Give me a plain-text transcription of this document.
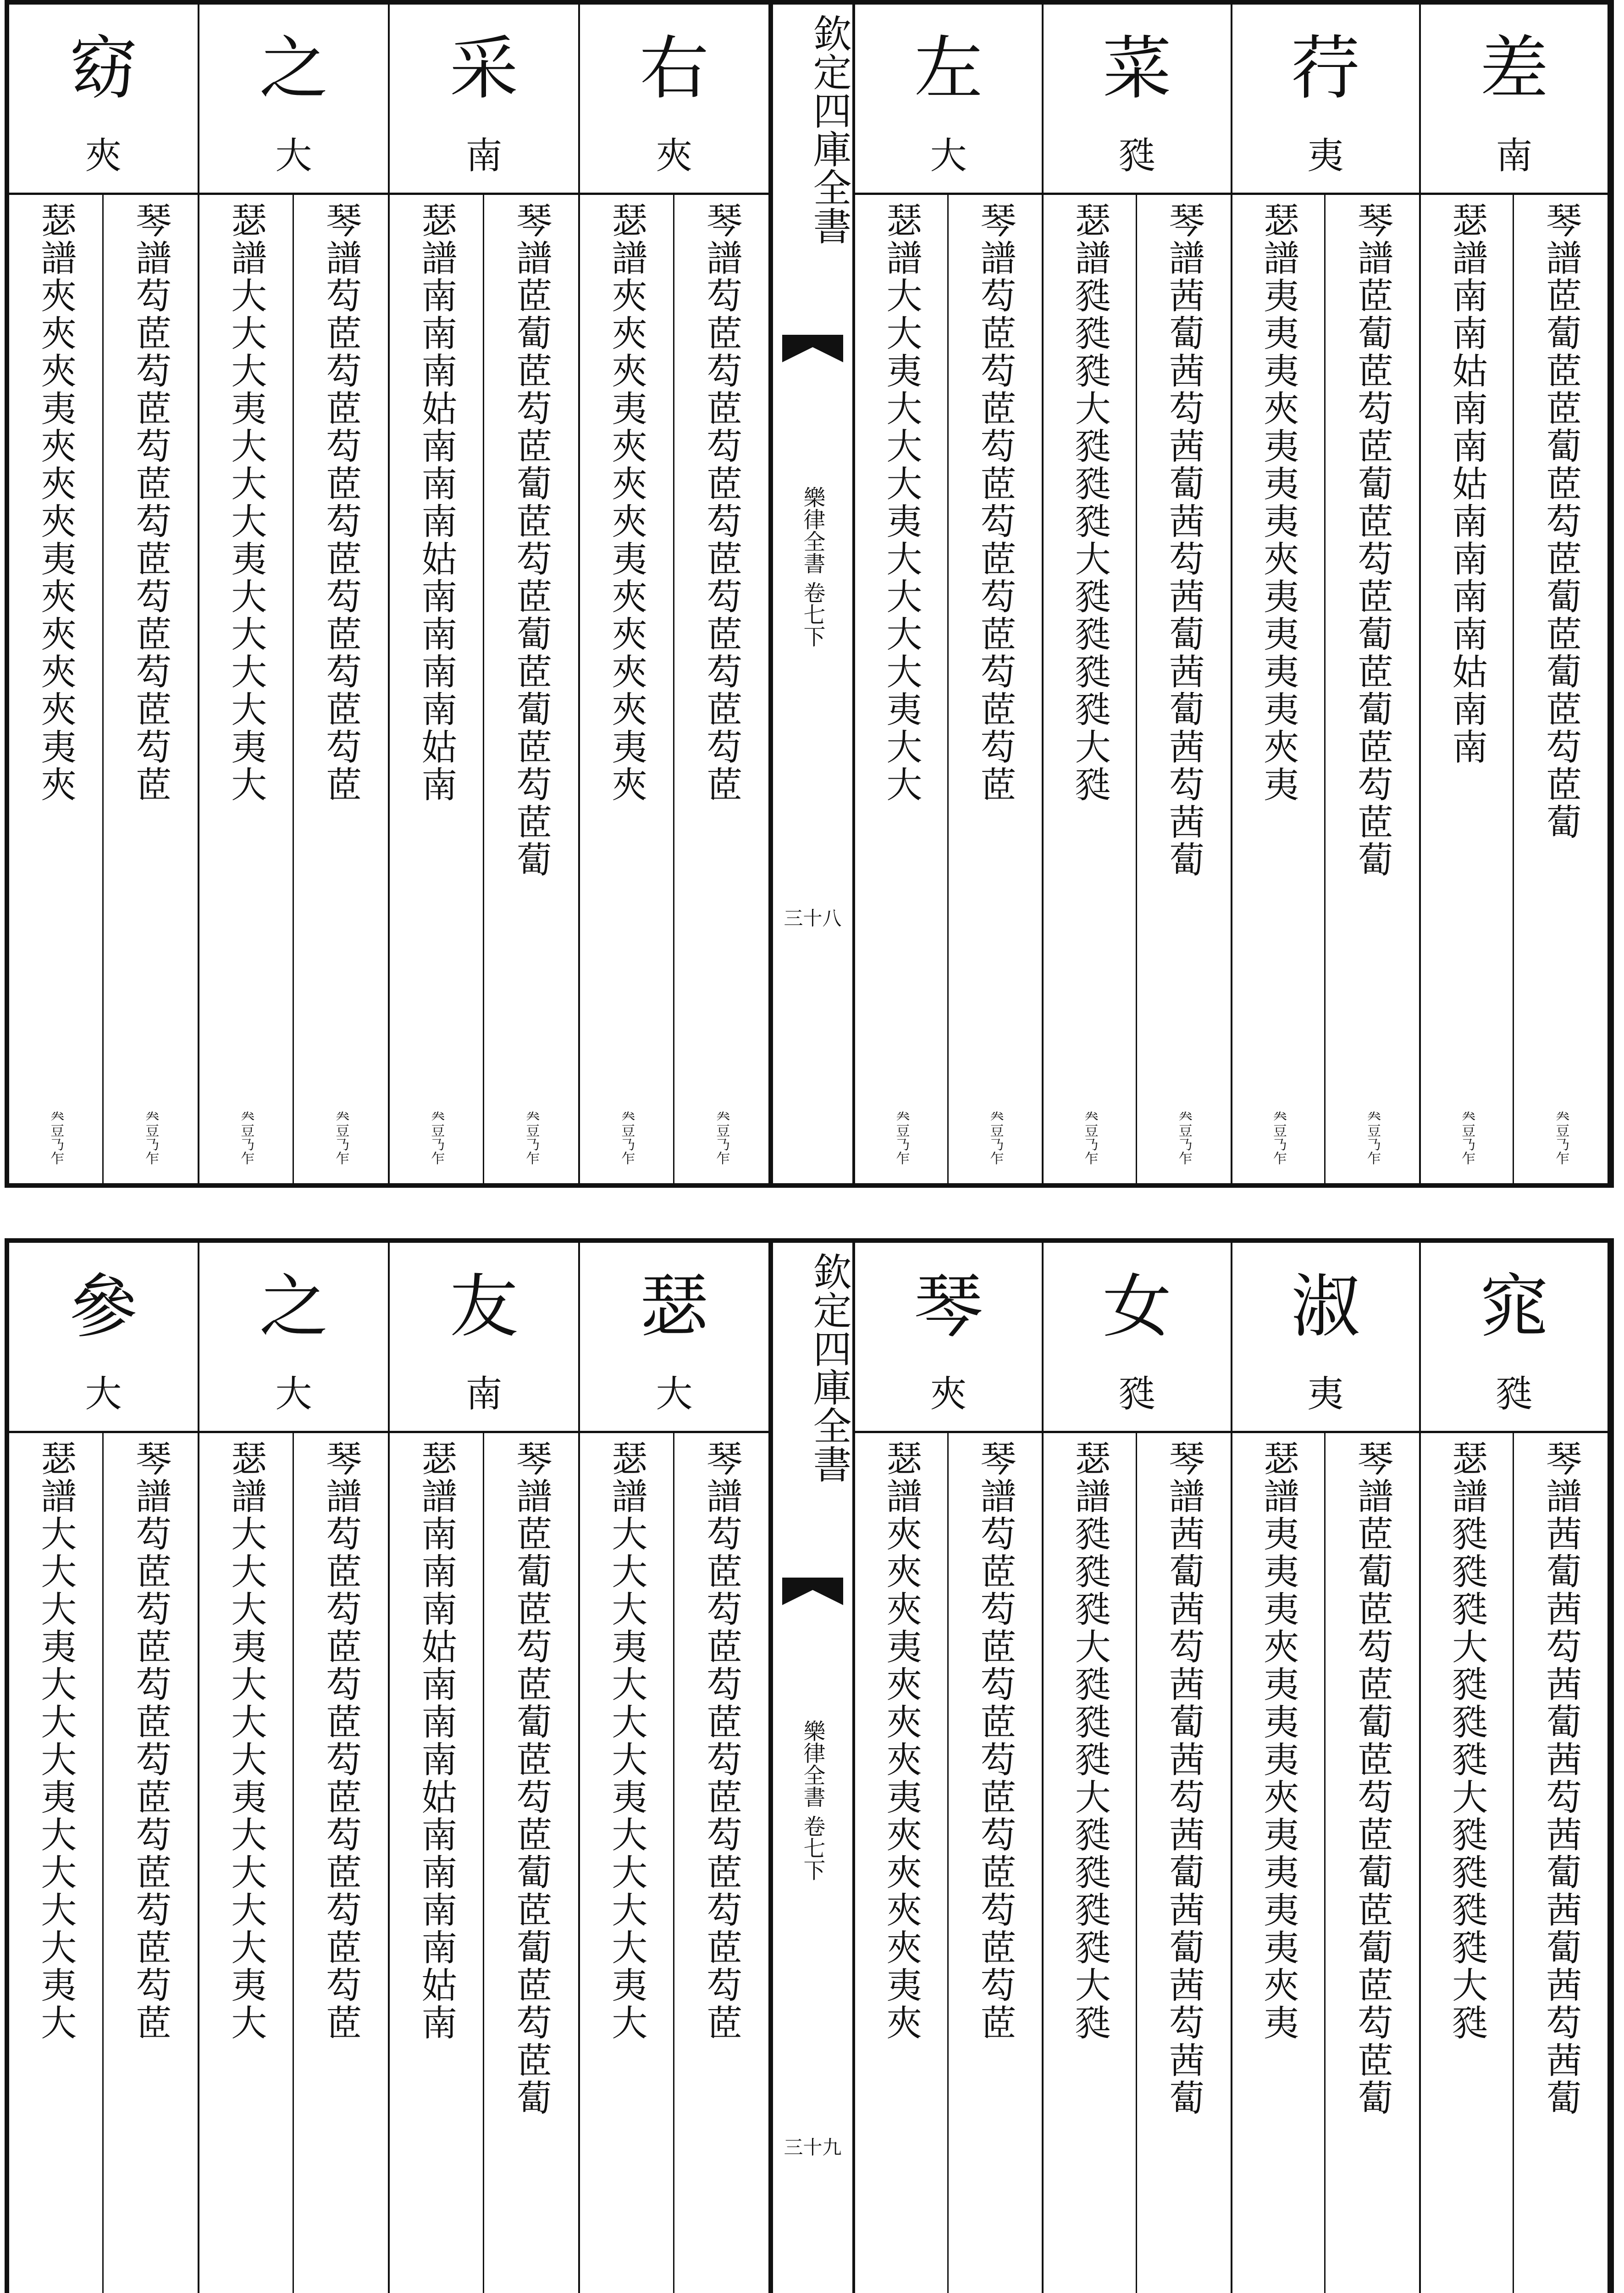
差
南
琴譜茝蔔茝茝蔔茝芶茝蔔茝蔔茝芶茝蔔
𠔉豆𠄎乍
瑟譜南南姑南南姑南南南南姑南南
𠔉豆𠄎乍
荇
夷
琴譜茝蔔茝芶茝蔔茝芶茝蔔茝蔔茝芶茝蔔
𠔉豆𠄎乍
瑟譜夷夷夷夾夷夷夷夾夷夷夷夷夾夷
𠔉豆𠄎乍
菜
甤
琴譜茜蔔茜芶茜蔔茜芶茜蔔茜蔔茜芶茜蔔
𠔉豆𠄎乍
瑟譜甤甤甤大甤甤甤大甤甤甤甤大甤
𠔉豆𠄎乍
左
大
琴譜芶茝芶茝芶茝芶茝芶茝芶茝芶茝
𠔉豆𠄎乍
瑟譜大大夷大大大夷大大大大夷大大
𠔉豆𠄎乍
欽定四庫全書
樂律全書 卷七下
三十八
右
夾
琴譜芶茝芶茝芶茝芶茝芶茝芶茝芶茝
𠔉豆𠄎乍
瑟譜夾夾夾夷夾夾夾夷夾夾夾夾夷夾
𠔉豆𠄎乍
采
南
琴譜茝蔔茝芶茝蔔茝芶茝蔔茝蔔茝芶茝蔔
𠔉豆𠄎乍
瑟譜南南南姑南南南姑南南南南姑南
𠔉豆𠄎乍
之
大
琴譜芶茝芶茝芶茝芶茝芶茝芶茝芶茝
𠔉豆𠄎乍
瑟譜大大大夷大大大夷大大大大夷大
𠔉豆𠄎乍
窈
夾
琴譜芶茝芶茝芶茝芶茝芶茝芶茝芶茝
𠔉豆𠄎乍
瑟譜夾夾夾夷夾夾夾夷夾夾夾夾夷夾
𠔉豆𠄎乍
窕
甤
琴譜茜蔔茜芶茜蔔茜芶茜蔔茜蔔茜芶茜蔔
瑟譜甤甤甤大甤甤甤大甤甤甤甤大甤
淑
夷
琴譜茝蔔茝芶茝蔔茝芶茝蔔茝蔔茝芶茝蔔
瑟譜夷夷夷夾夷夷夷夾夷夷夷夷夾夷
女
甤
琴譜茜蔔茜芶茜蔔茜芶茜蔔茜蔔茜芶茜蔔
瑟譜甤甤甤大甤甤甤大甤甤甤甤大甤
琴
夾
琴譜芶茝芶茝芶茝芶茝芶茝芶茝芶茝
瑟譜夾夾夾夷夾夾夾夷夾夾夾夾夷夾
欽定四庫全書
樂律全書 卷七下
三十九
瑟
大
琴譜芶茝芶茝芶茝芶茝芶茝芶茝芶茝
瑟譜大大大夷大大大夷大大大大夷大
友
南
琴譜茝蔔茝芶茝蔔茝芶茝蔔茝蔔茝芶茝蔔
瑟譜南南南姑南南南姑南南南南姑南
之
大
琴譜芶茝芶茝芶茝芶茝芶茝芶茝芶茝
瑟譜大大大夷大大大夷大大大大夷大
參
大
琴譜芶茝芶茝芶茝芶茝芶茝芶茝芶茝
瑟譜大大大夷大大大夷大大大大夷大
